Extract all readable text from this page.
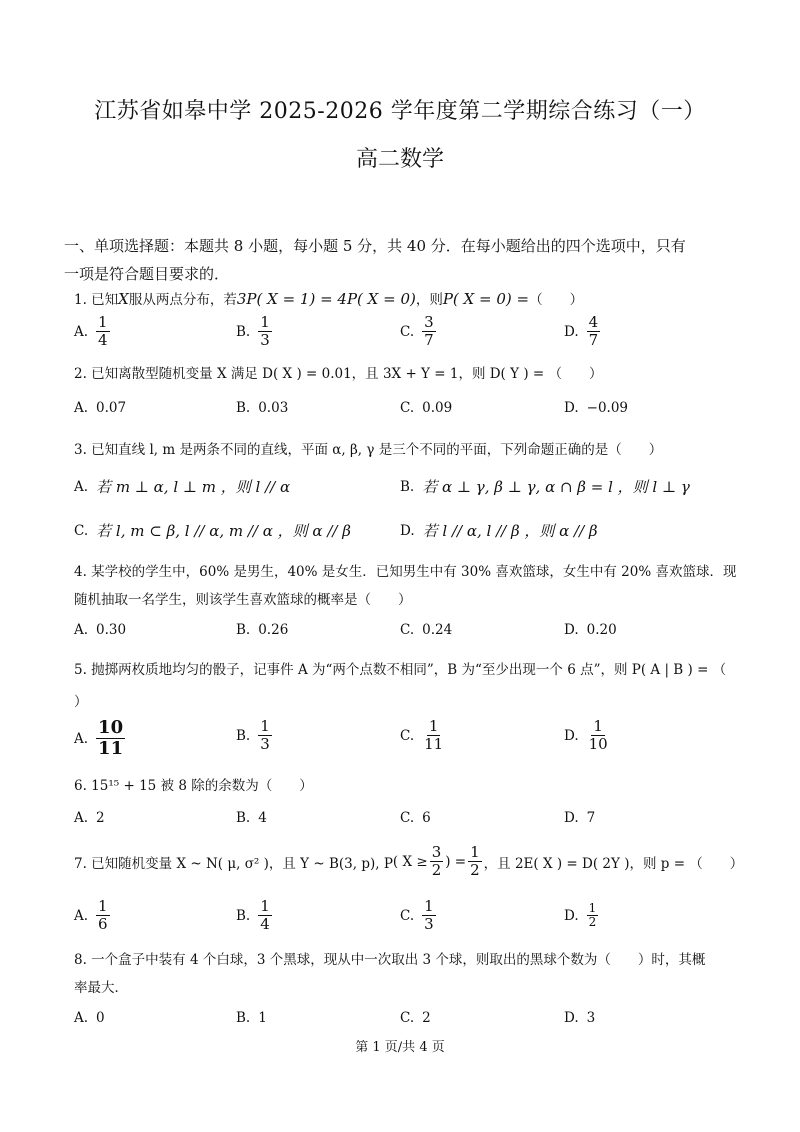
江苏省如皋中学 2025-2026 学年度第二学期综合练习（一）
高二数学
一、单项选择题：本题共 8 小题，每小题 5 分，共 40 分．在每小题给出的四个选项中，只有
一项是符合题目要求的．
1. 已知X服从两点分布，若3P( X = 1) = 4P( X = 0)，则P( X = 0) =（　　）
A. $\frac{1}{4}$	B. $\frac{1}{3}$	C. $\frac{3}{7}$	D. $\frac{4}{7}$
2. 已知离散型随机变量 X 满足 D( X ) = 0.01，且 3X + Y = 1，则 D( Y ) = （　　）
A. 0.07	B. 0.03	C. 0.09	D. −0.09
3. 已知直线 l, m 是两条不同的直线，平面 α, β, γ 是三个不同的平面，下列命题正确的是（　　）
A. 若 m ⊥ α, l ⊥ m ，则 l // α	B. 若 α ⊥ γ, β ⊥ γ, α ∩ β = l ，则 l ⊥ γ
C. 若 l, m ⊂ β, l // α, m // α ，则 α // β	D. 若 l // α, l // β ，则 α // β
4. 某学校的学生中，60% 是男生，40% 是女生．已知男生中有 30% 喜欢篮球，女生中有 20% 喜欢篮球．现
随机抽取一名学生，则该学生喜欢篮球的概率是（　　）
A. 0.30	B. 0.26	C. 0.24	D. 0.20
5. 抛掷两枚质地均匀的骰子，记事件 A 为“两个点数不相同”，B 为“至少出现一个 6 点”，则 P( A | B ) = （
）
A. $\frac{10}{11}$	B. $\frac{1}{3}$	C. $\frac{1}{11}$	D. $\frac{1}{10}$
6. 15¹⁵ + 15 被 8 除的余数为（　　）
A. 2	B. 4	C. 6	D. 7
7. 已知随机变量 X ~ N( μ, σ² )，且 Y ~ B(3, p), P ( $X \ge \frac{3}{2}$ ) = $\frac{1}{2}$ ，且 2E( X ) = D( 2Y )，则 p = （　　）
A. $\frac{1}{6}$	B. $\frac{1}{4}$	C. $\frac{1}{3}$	D. $\frac{1}{2}$
8. 一个盒子中装有 4 个白球，3 个黑球，现从中一次取出 3 个球，则取出的黑球个数为（　　）时，其概
率最大．
A. 0	B. 1	C. 2	D. 3
第 1 页/共 4 页
